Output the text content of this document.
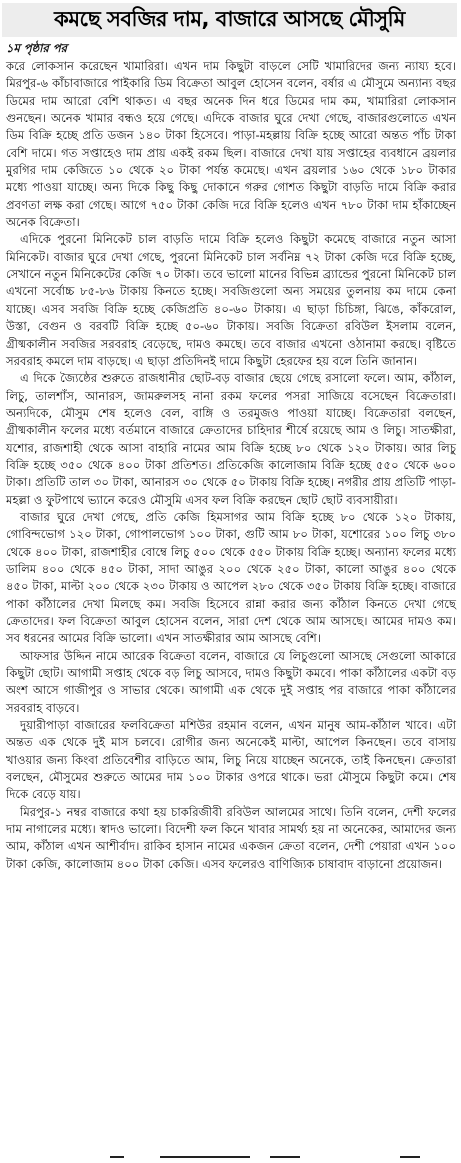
কমছে সবজির দাম, বাজারে আসছে মৌসুমি
১ম পৃষ্ঠার পর

করে লোকসান করেছেন খামারিরা। এখন দাম কিছুটা বাড়লে সেটি খামারিদের জন্য ন্যায্য হবে। মিরপুর-৬ কাঁচাবাজারে পাইকারি ডিম বিক্রেতা আবুল হোসেন বলেন, বর্ষার এ মৌসুমে অন্যান্য বছর ডিমের দাম আরো বেশি থাকত। এ বছর অনেক দিন ধরে ডিমের দাম কম, খামারিরা লোকসান গুনছেন। অনেক খামার বন্ধও হয়ে গেছে। এদিকে বাজার ঘুরে দেখা গেছে, বাজারগুলোতে এখন ডিম বিক্রি হচ্ছে প্রতি ডজন ১৪০ টাকা হিসেবে। পাড়া-মহল্লায় বিক্রি হচ্ছে আরো অন্তত পাঁচ টাকা বেশি দামে। গত সপ্তাহেও দাম প্রায় একই রকম ছিল। বাজারে দেখা যায় সপ্তাহের ব্যবধানে ব্রয়লার মুরগির দাম কেজিতে ১০ থেকে ২০ টাকা পর্যন্ত কমেছে। এখন ব্রয়লার ১৬০ থেকে ১৮০ টাকার মধ্যে পাওয়া যাচ্ছে। অন্য দিকে কিছু কিছু দোকানে গরুর গোশত কিছুটা বাড়তি দামে বিক্রি করার প্রবণতা লক্ষ করা গেছে। আগে ৭৫০ টাকা কেজি দরে বিক্রি হলেও এখন ৭৮০ টাকা দাম হাঁকাচ্ছেন অনেক বিক্রেতা।

এদিকে পুরনো মিনিকেট চাল বাড়তি দামে বিক্রি হলেও কিছুটা কমেছে বাজারে নতুন আসা মিনিকেট। বাজার ঘুরে দেখা গেছে, পুরনো মিনিকেট চাল সর্বনিম্ন ৭২ টাকা কেজি দরে বিক্রি হচ্ছে, সেখানে নতুন মিনিকেটের কেজি ৭০ টাকা। তবে ভালো মানের বিভিন্ন ব্র্যান্ডের পুরনো মিনিকেট চাল এখনো সর্বোচ্চ ৮৫-৮৬ টাকায় কিনতে হচ্ছে। সবজিগুলো অন্য সময়ের তুলনায় কম দামে কেনা যাচ্ছে। এসব সবজি বিক্রি হচ্ছে কেজিপ্রতি ৪০-৬০ টাকায়। এ ছাড়া চিচিঙ্গা, ঝিঙে, কাঁকরোল, উস্তা, বেগুন ও বরবটি বিক্রি হচ্ছে ৫০-৬০ টাকায়। সবজি বিক্রেতা রবিউল ইসলাম বলেন, গ্রীষ্মকালীন সবজির সরবরাহ বেড়েছে, দামও কমছে। তবে বাজার এখনো ওঠানামা করছে। বৃষ্টিতে সরবরাহ কমলে দাম বাড়ছে। এ ছাড়া প্রতিদিনই দামে কিছুটা হেরফের হয় বলে তিনি জানান।

এ দিকে জ্যৈষ্ঠের শুরুতে রাজধানীর ছোট-বড় বাজার ছেয়ে গেছে রসালো ফলে। আম, কাঁঠাল, লিচু, তালশাঁস, আনারস, জামরুলসহ নানা রকম ফলের পসরা সাজিয়ে বসেছেন বিক্রেতারা। অন্যদিকে, মৌসুম শেষ হলেও বেল, বাঙ্গি ও তরমুজও পাওয়া যাচ্ছে। বিক্রেতারা বলছেন, গ্রীষ্মকালীন ফলের মধ্যে বর্তমানে বাজারে ক্রেতাদের চাহিদার শীর্ষে রয়েছে আম ও লিচু। সাতক্ষীরা, যশোর, রাজশাহী থেকে আসা বাহারি নামের আম বিক্রি হচ্ছে ৮০ থেকে ১২০ টাকায়। আর লিচু বিক্রি হচ্ছে ৩৫০ থেকে ৪০০ টাকা প্রতিশত। প্রতিকেজি কালোজাম বিক্রি হচ্ছে ৫৫০ থেকে ৬০০ টাকা। প্রতিটি তাল ৩০ টাকা, আনারস ৩০ থেকে ৫০ টাকায় বিক্রি হচ্ছে। নগরীর প্রায় প্রতিটি পাড়া-মহল্লা ও ফুটপাথে ভ্যানে করেও মৌসুমি এসব ফল বিক্রি করছেন ছোট ছোট ব্যবসায়ীরা।

বাজার ঘুরে দেখা গেছে, প্রতি কেজি হিমসাগর আম বিক্রি হচ্ছে ৮০ থেকে ১২০ টাকায়, গোবিন্দভোগ ১২০ টাকা, গোপালভোগ ১০০ টাকা, গুটি আম ৮০ টাকা, যশোরের ১০০ লিচু ৩৮০ থেকে ৪০০ টাকা, রাজশাহীর বোম্বে লিচু ৫০০ থেকে ৫৫০ টাকায় বিক্রি হচ্ছে। অন্যান্য ফলের মধ্যে ডালিম ৪০০ থেকে ৪৫০ টাকা, সাদা আঙুর ২০০ থেকে ২৫০ টাকা, কালো আঙুর ৪০০ থেকে ৪৫০ টাকা, মাল্টা ২০০ থেকে ২৩০ টাকায় ও আপেল ২৮০ থেকে ৩৫০ টাকায় বিক্রি হচ্ছে। বাজারে পাকা কাঁঠালের দেখা মিলছে কম। সবজি হিসেবে রান্না করার জন্য কাঁঠাল কিনতে দেখা গেছে ক্রেতাদের। ফল বিক্রেতা আবুল হোসেন বলেন, সারা দেশ থেকে আম আসছে। আমের দামও কম। সব ধরনের আমের বিক্রি ভালো। এখন সাতক্ষীরার আম আসছে বেশি।

আফসার উদ্দিন নামে আরেক বিক্রেতা বলেন, বাজারে যে লিচুগুলো আসছে সেগুলো আকারে কিছুটা ছোট। আগামী সপ্তাহ থেকে বড় লিচু আসবে, দামও কিছুটা কমবে। পাকা কাঁঠালের একটা বড় অংশ আসে গাজীপুর ও সাভার থেকে। আগামী এক থেকে দুই সপ্তাহ পর বাজারে পাকা কাঁঠালের সরবরাহ বাড়বে।

দুয়ারীপাড়া বাজারের ফলবিক্রেতা মশিউর রহমান বলেন, এখন মানুষ আম-কাঁঠাল খাবে। এটা অন্তত এক থেকে দুই মাস চলবে। রোগীর জন্য অনেকেই মাল্টা, আপেল কিনছেন। তবে বাসায় খাওয়ার জন্য কিংবা প্রতিবেশীর বাড়িতে আম, লিচু নিয়ে যাচ্ছেন অনেকে, তাই কিনছেন। ক্রেতারা বলছেন, মৌসুমের শুরুতে আমের দাম ১০০ টাকার ওপরে থাকে। ভরা মৌসুমে কিছুটা কমে। শেষ দিকে বেড়ে যায়।

মিরপুর-১ নম্বর বাজারে কথা হয় চাকরিজীবী রবিউল আলমের সাথে। তিনি বলেন, দেশী ফলের দাম নাগালের মধ্যে। স্বাদও ভালো। বিদেশী ফল কিনে খাবার সামর্থ্য হয় না অনেকের, আমাদের জন্য আম, কাঁঠাল এখন আশীর্বাদ। রাকিব হাসান নামের একজন ক্রেতা বলেন, দেশী পেয়ারা এখন ১০০ টাকা কেজি, কালোজাম ৪০০ টাকা কেজি। এসব ফলেরও বাণিজ্যিক চাষাবাদ বাড়ানো প্রয়োজন।
